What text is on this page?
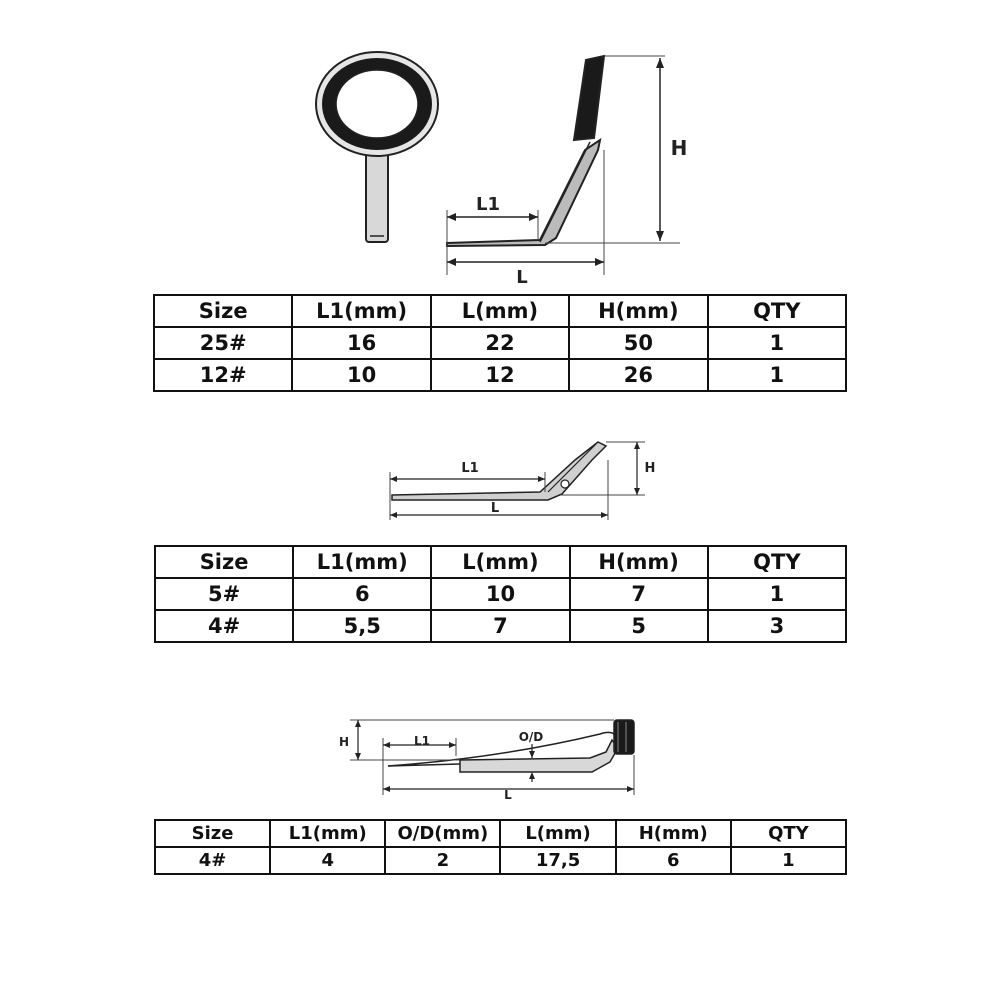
L1
L
H
Size	L1(mm)	L(mm)	H(mm)	QTY
25#	16	22	50	1
12#	10	12	26	1
L1
L
H
Size	L1(mm)	L(mm)	H(mm)	QTY
5#	6	10	7	1
4#	5,5	7	5	3
H	L1	O/D
L
Size	L1(mm)	O/D(mm)	L(mm)	H(mm)	QTY
4#	4	2	17,5	6	1
